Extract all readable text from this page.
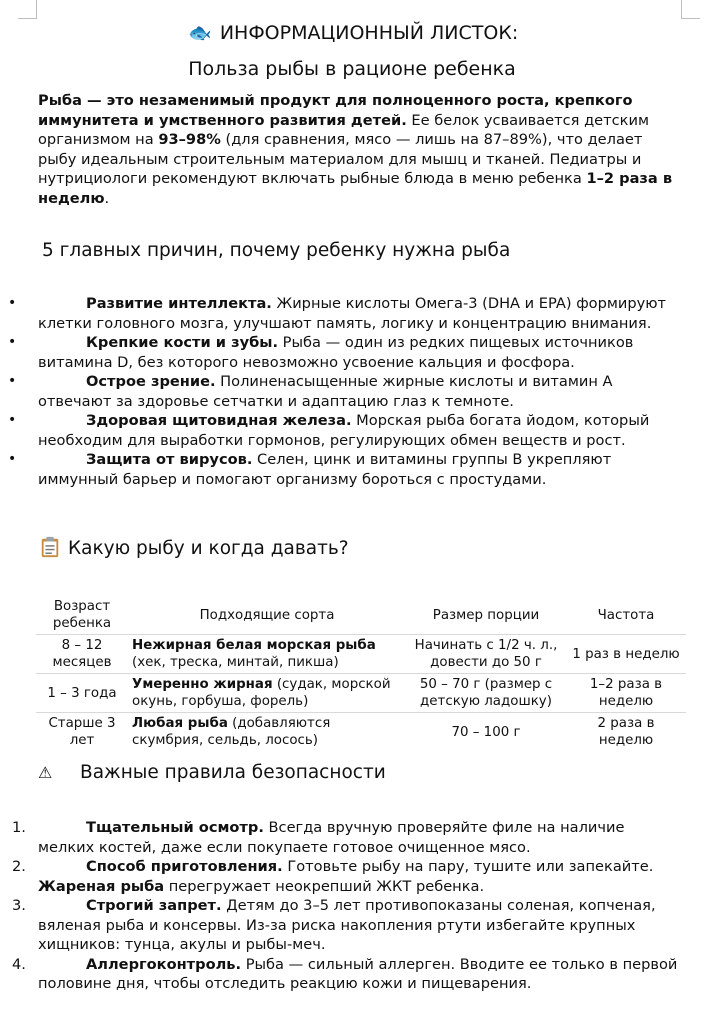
🐟 ИНФОРМАЦИОННЫЙ ЛИСТОК:
Польза рыбы в рационе ребенка
Рыба — это незаменимый продукт для полноценного роста, крепкого иммунитета и умственного развития детей. Ее белок усваивается детским организмом на 93–98% (для сравнения, мясо — лишь на 87–89%), что делает рыбу идеальным строительным материалом для мышц и тканей. Педиатры и нутрициологи рекомендуют включать рыбные блюда в меню ребенка 1–2 раза в неделю.
5 главных причин, почему ребенку нужна рыба
•	Развитие интеллекта. Жирные кислоты Омега-3 (DHA и EPA) формируют клетки головного мозга, улучшают память, логику и концентрацию внимания.
•	Крепкие кости и зубы. Рыба — один из редких пищевых источников витамина D, без которого невозможно усвоение кальция и фосфора.
•	Острое зрение. Полиненасыщенные жирные кислоты и витамин А отвечают за здоровье сетчатки и адаптацию глаз к темноте.
•	Здоровая щитовидная железа. Морская рыба богата йодом, который необходим для выработки гормонов, регулирующих обмен веществ и рост.
•	Защита от вирусов. Селен, цинк и витамины группы B укрепляют иммунный барьер и помогают организму бороться с простудами.
Какую рыбу и когда давать?
Возраст ребенка	Подходящие сорта	Размер порции	Частота
8 – 12 месяцев	Нежирная белая морская рыба (хек, треска, минтай, пикша)	Начинать с 1/2 ч. л., довести до 50 г	1 раз в неделю
1 – 3 года	Умеренно жирная (судак, морской окунь, горбуша, форель)	50 – 70 г (размер с детскую ладошку)	1–2 раза в неделю
Старше 3 лет	Любая рыба (добавляются скумбрия, сельдь, лосось)	70 – 100 г	2 раза в неделю
⚠ Важные правила безопасности
1.	Тщательный осмотр. Всегда вручную проверяйте филе на наличие мелких костей, даже если покупаете готовое очищенное мясо.
2.	Способ приготовления. Готовьте рыбу на пару, тушите или запекайте. Жареная рыба перегружает неокрепший ЖКТ ребенка.
3.	Строгий запрет. Детям до 3–5 лет противопоказаны соленая, копченая, вяленая рыба и консервы. Из-за риска накопления ртути избегайте крупных хищников: тунца, акулы и рыбы-меч.
4.	Аллергоконтроль. Рыба — сильный аллерген. Вводите ее только в первой половине дня, чтобы отследить реакцию кожи и пищеварения.
